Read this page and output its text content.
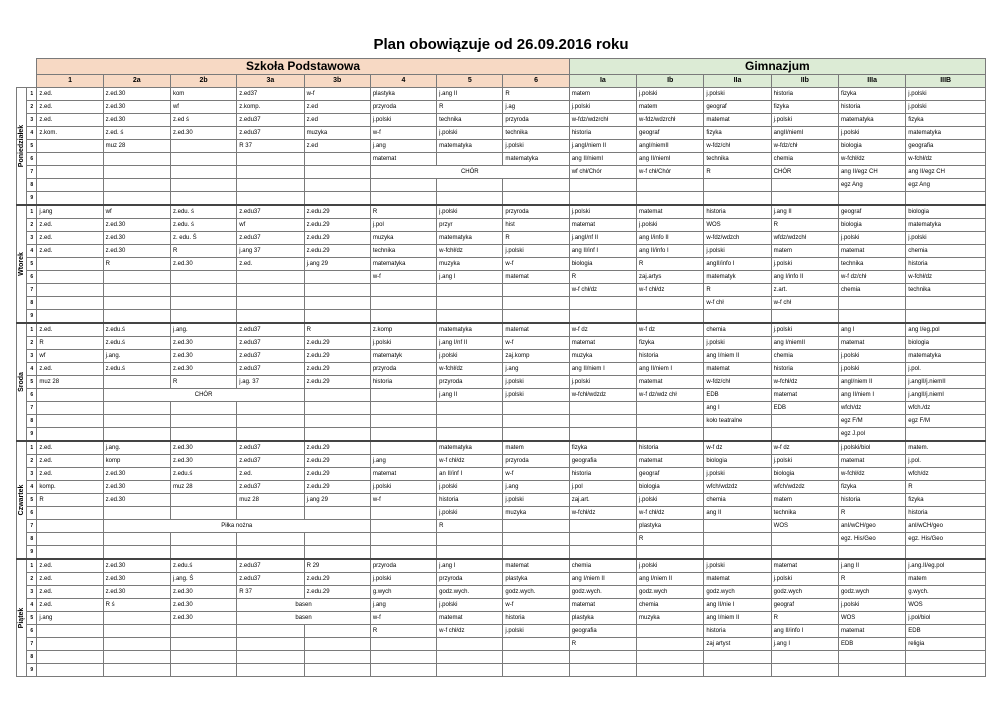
Plan obowiązuje od 26.09.2016 roku
		Szkoła Podstawowa								Gimnazjum					
		1	2a	2b	3a	3b	4	5	6	Ia	Ib	IIa	IIb	IIIa	IIIB

Poniedziałek	1	z.ed.	z.ed.30	kom	z.ed37	w-f	plastyka	j.ang II	R	matem	j.polski	j.polski	historia	fizyka	j.polski
	2	z.ed.	z.ed.30	wf	z.komp.	z.ed	przyroda	R	j.ag	j.polski	matem	geograf	fizyka	historia	j.polski
	3	z.ed.	z.ed.30	z.ed ś	z.edu37	z.ed	j.polski	technika	przyroda	w-fdz/wdzrchł	w-fdz/wdzrchł	matemat	j.polski	matematyka	fizyka
	4	z.kom.	z.ed. ś	z.ed.30	z.edu37	muzyka	w-f	j.polski	technika	historia	geograf	fizyka	angII/niemI	j.polski	matematyka
	5		muz 28		R 37	z.ed	j.ang	matematyka	j.polski	j.angI/niem II	angI/niemII	w-fdz/chł	w-fdz/chł	biologia	geografia
	6						matemat		matematyka	ang II/niemI	ang II/niemI	technika	chemia	w-fchł/dz	w-fchł/dz
	7						CHÓR			wf chł/Chór	w-f chł/Chór	R	CHÓR	ang II/egz CH	ang II/egz CH
	8													egz Ang	egz Ang
	9														

Wtorek	1	j.ang	wf	z.edu. ś	z.edu37	z.edu.29	R	j.polski	przyroda	j.polski	matemat	historia	j.ang II	geograf	biologia
	2	z.ed.	z.ed.30	z.edu. ś	wf	z.edu.29	j.pol	przyr	hist	matemat	j.polski	WOS	R	biologia	matematyka
	3	z.ed.	z.ed.30	z. edu. Ś	z.edu37	z.edu.29	muzyka	matematyka	R	j.angI/nf II	ang I/info II	w-fdz/wdzch	wfdz/wdzchł	j.polski	j.polski
	4	z.ed.	z.ed.30	R	j.ang 37	z.edu.29	technika	w-fchł/dz	j.polski	ang II/inf I	ang II/info I	j.polski	matem	matemat	chemia
	5		R	z.ed.30	z.ed.	j.ang 29	matematyka	muzyka	w-f	biologia	R	angII/info I	j.polski	technika	historia
	6						w-f	j.ang I	matemat	R	zaj.artys	matematyk	ang I/info II	w-f dz/chł	w-fchł/dz
	7									w-f chł/dz	w-f chł/dz	R	z.art.	chemia	technika
	8											w-f chł	w-f chł		
	9														

Środa	1	z.ed.	z.edu.ś	j.ang.	z.edu37	R	z.komp	matematyka	matemat	w-f dz	w-f dz	chemia	j.polski	ang I	ang I/eg.pol
	2	R	z.edu.ś	z.ed.30	z.edu37	z.edu.29	j.polski	j.ang I/nf II	w-f	matemat	fizyka	j.polski	ang I/niemII	matemat	biologia
	3	wf	j.ang.	z.ed.30	z.edu37	z.edu.29	matematyk	j.polski	zaj.komp	muzyka	historia	ang I/niem II	chemia	j.polski	matematyka
	4	z.ed.	z.edu.ś	z.ed.30	z.edu37	z.edu.29	przyroda	w-fchł/dz	j.ang	ang II/niem I	ang II/niem I	matemat	historia	j.polski	j.pol.
	5	muz 28		R	j.ag. 37	z.edu.29	historia	przyroda	j.polski	j.polski	matemat	w-fdz/chł	w-fchł/dz	angI/niem II	j.angII/j.niemII
	6		CHÓR					j.ang II	j.polski	w-fchł/wdzdz	w-f dz/wdz chł	EDB	matemat	ang II/niem I	j.angII/j.niemI
	7											ang I	EDB	wfch/dz	wfch./dz
	8											koło teatralne		egz F/M	egz F/M
	9													egz J.pol	

Czwartek	1	z.ed.	j.ang.	z.ed.30	z.edu37	z.edu.29		matematyka	matem	fizyka	historia	w-f dz	w-f dz	j.polski/biol	matem.
	2	z.ed.	komp	z.ed.30	z.edu37	z.edu.29	j.ang	w-f chł/dz	przyroda	geografia	matemat	biologia	j.polski	matemat	j.pol.
	3	z.ed.	z.ed.30	z.edu.ś	z.ed.	z.edu.29	matemat	an II/inf I	w-f	historia	geograf	j.polski	biologia	w-fchł/dz	wfch/dz
	4	komp.	z.ed.30	muz 28	z.edu37	z.edu.29	j.polski	j.polski	j.ang	j.pol	biologia	wfch/wdzdz	wfch/wdzdz	fizyka	R
	5	R	z.ed.30		muz 28	j.ang 29	w-f	historia	j.polski	zaj.art.	j.polski	chemia	matem	historia	fizyka
	6							j.polski	muzyka	w-fchł/dz	w-f chł/dz	ang II	technika	R	historia
	7		Piłka nożna					R			plastyka		WOS	anI/wCH/geo	anI/wCH/geo
	8										R			egz. His/Geo	egz. His/Geo
	9														

Piątek	1	z.ed.	z.ed.30	z.edu.ś	z.edu37	R 29	przyroda	j.ang I	matemat	chemia	j.polski	j.polski	matemat	j.ang II	j.ang.II/eg.pol
	2	z.ed.	z.ed.30	j.ang. Ś	z.edu37	z.edu.29	j.polski	przyroda	plastyka	ang I/niem II	ang I/niem II	matemat	j.polski	R	matem
	3	z.ed.	z.ed.30	z.ed.30	R 37	z.edu.29	g.wych	godz.wych.	godz.wych.	godz.wych.	godz.wych	godz.wych	godz.wych	godz.wych	g.wych.
	4	z.ed.	R ś	z.ed.30	basen		j.ang	j.polski	w-f	matemat	chemia	ang II/nie I	geograf	j.polski	WOS
	5	j.ang		z.ed.30	basen		w-f	matemat	historia	plastyka	muzyka	ang I/niem II	R	WOS	j.pol/biol
	6						R	w-f chł/dz	j.polski	geografia		historia	ang II/info I	matemat	EDB
	7									R		zaj artyst	j.ang I	EDB	religia
	8														
	9														
